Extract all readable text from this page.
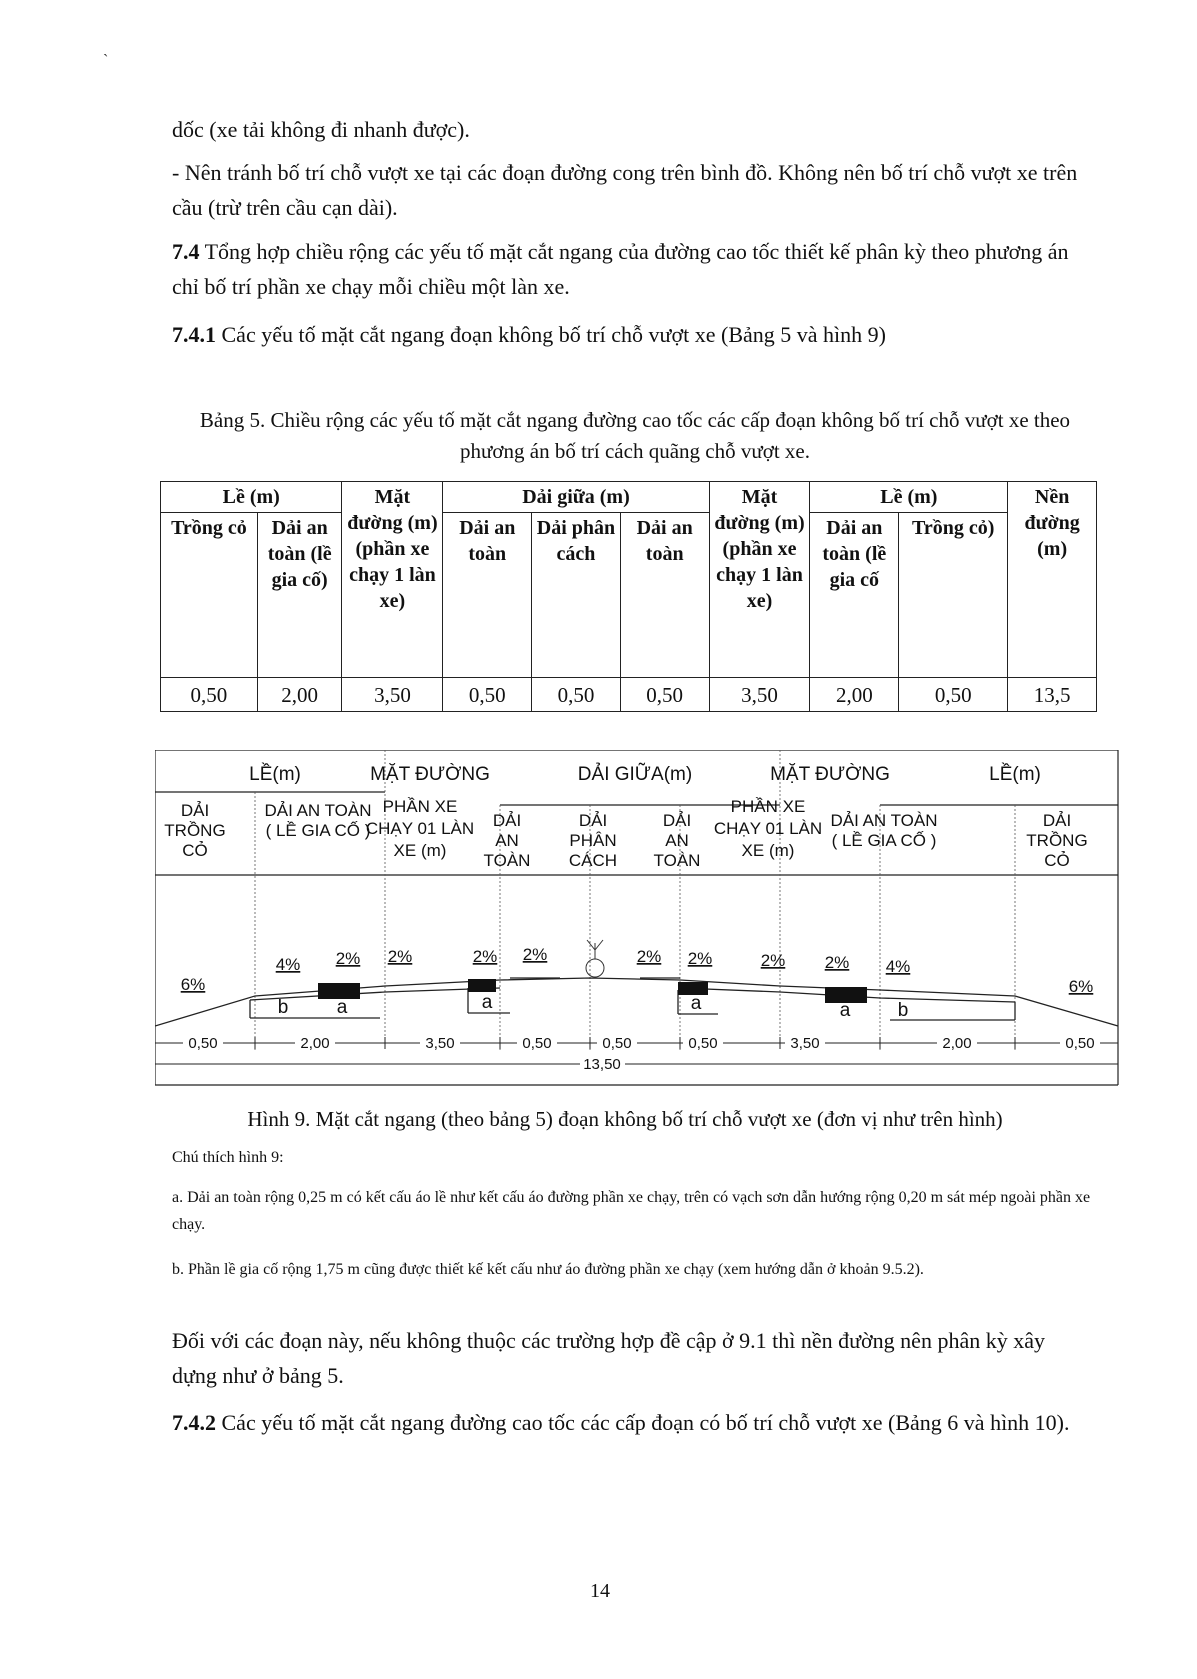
`

dốc (xe tải không đi nhanh được).

- Nên tránh bố trí chỗ vượt xe tại các đoạn đường cong trên bình đồ. Không nên bố trí chỗ vượt xe trên cầu (trừ trên cầu cạn dài).

7.4 Tổng hợp chiều rộng các yếu tố mặt cắt ngang của đường cao tốc thiết kế phân kỳ theo phương án chỉ bố trí phần xe chạy mỗi chiều một làn xe.

7.4.1 Các yếu tố mặt cắt ngang đoạn không bố trí chỗ vượt xe (Bảng 5 và hình 9)

Bảng 5. Chiều rộng các yếu tố mặt cắt ngang đường cao tốc các cấp đoạn không bố trí chỗ vượt xe theo phương án bố trí cách quãng chỗ vượt xe.

Lề (m)		Mặt đường (m) (phần xe chạy 1 làn xe)	Dải giữa (m)			Mặt đường (m) (phần xe chạy 1 làn xe)	Lề (m)		Nền đường (m)
Trồng cỏ	Dải an toàn (lề gia cố)		Dải an toàn	Dải phân cách	Dải an toàn		Dải an toàn (lề gia cố	Trồng cỏ)	
0,50	2,00	3,50	0,50	0,50	0,50	3,50	2,00	0,50	13,5
LỀ(m)	MẶT ĐƯỜNG	DẢI GIỮA(m)	MẶT ĐƯỜNG	LỀ(m)
DẢI
TRỒNG
CỎ
DẢI AN TOÀN
( LỀ GIA CỐ )
PHẦN XE
CHẠY 01 LÀN
XE (m)
DẢI
AN
TOÀN
DẢI
PHÂN
CÁCH
DẢI
AN
TOÀN
PHẦN XE
CHẠY 01 LÀN
XE (m)
DẢI AN TOÀN
( LỀ GIA CỐ )
DẢI
TRỒNG
CỎ
6%
4% 2% 2%	2% 2%	2% 2%	2% 2% 4%
6%
b	a	a	a	a b
0,50	2,00	3,50	0,50	0,50	0,50	3,50	2,00	0,50
13,50

Hình 9. Mặt cắt ngang (theo bảng 5) đoạn không bố trí chỗ vượt xe (đơn vị như trên hình)

Chú thích hình 9:

a. Dải an toàn rộng 0,25 m có kết cấu áo lề như kết cấu áo đường phần xe chạy, trên có vạch sơn dẫn hướng rộng 0,20 m sát mép ngoài phần xe chạy.

b. Phần lề gia cố rộng 1,75 m cũng được thiết kế kết cấu như áo đường phần xe chạy (xem hướng dẫn ở khoản 9.5.2).

Đối với các đoạn này, nếu không thuộc các trường hợp đề cập ở 9.1 thì nền đường nên phân kỳ xây dựng như ở bảng 5.

7.4.2 Các yếu tố mặt cắt ngang đường cao tốc các cấp đoạn có bố trí chỗ vượt xe (Bảng 6 và hình 10).

14
